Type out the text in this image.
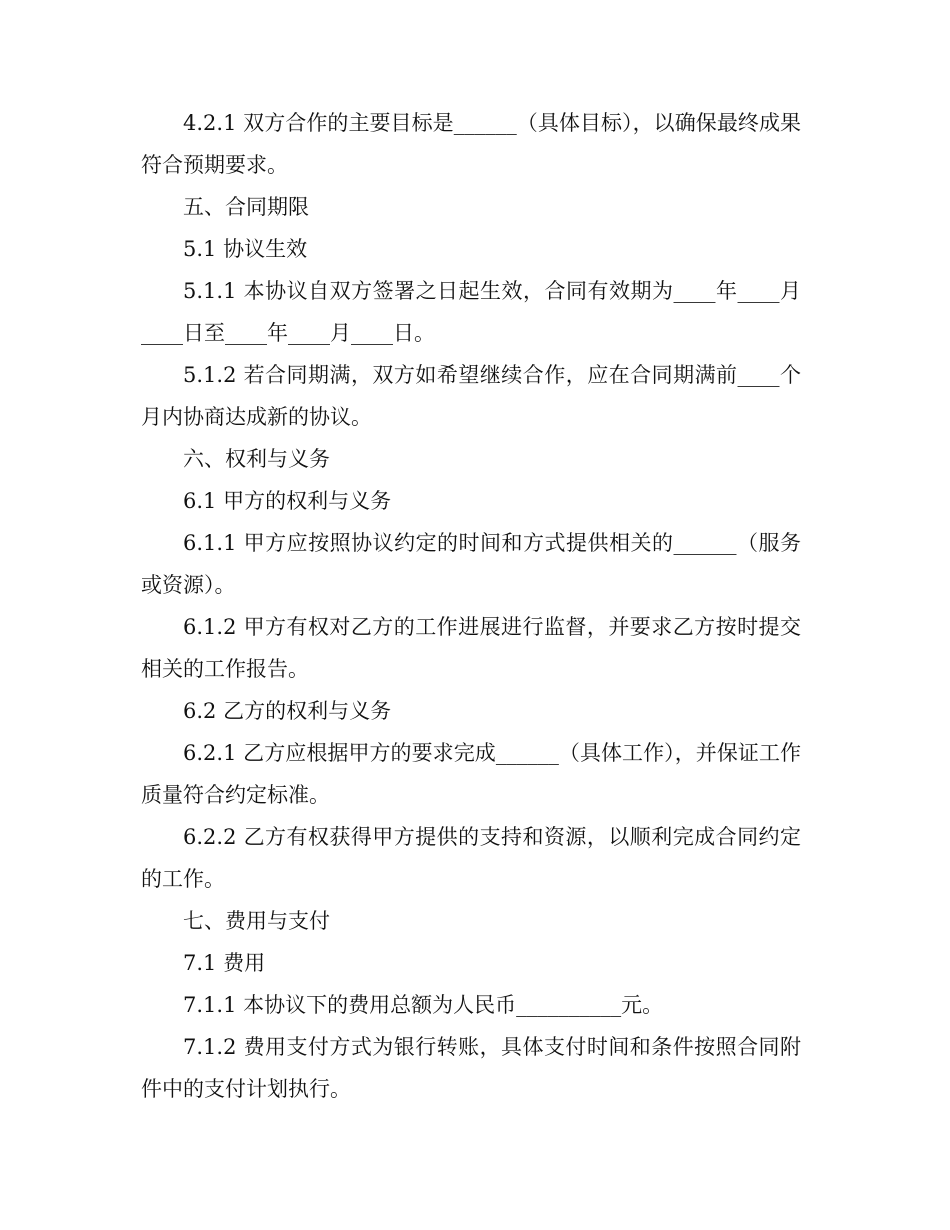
4.2.1 双方合作的主要目标是______（具体目标），以确保最终成果符合预期要求。

五、合同期限

5.1 协议生效

5.1.1 本协议自双方签署之日起生效，合同有效期为____年____月____日至____年____月____日。

5.1.2 若合同期满，双方如希望继续合作，应在合同期满前____个月内协商达成新的协议。

六、权利与义务

6.1 甲方的权利与义务

6.1.1 甲方应按照协议约定的时间和方式提供相关的______（服务或资源）。

6.1.2 甲方有权对乙方的工作进展进行监督，并要求乙方按时提交相关的工作报告。

6.2 乙方的权利与义务

6.2.1 乙方应根据甲方的要求完成______（具体工作），并保证工作质量符合约定标准。

6.2.2 乙方有权获得甲方提供的支持和资源，以顺利完成合同约定的工作。

七、费用与支付

7.1 费用

7.1.1 本协议下的费用总额为人民币__________元。

7.1.2 费用支付方式为银行转账，具体支付时间和条件按照合同附件中的支付计划执行。
